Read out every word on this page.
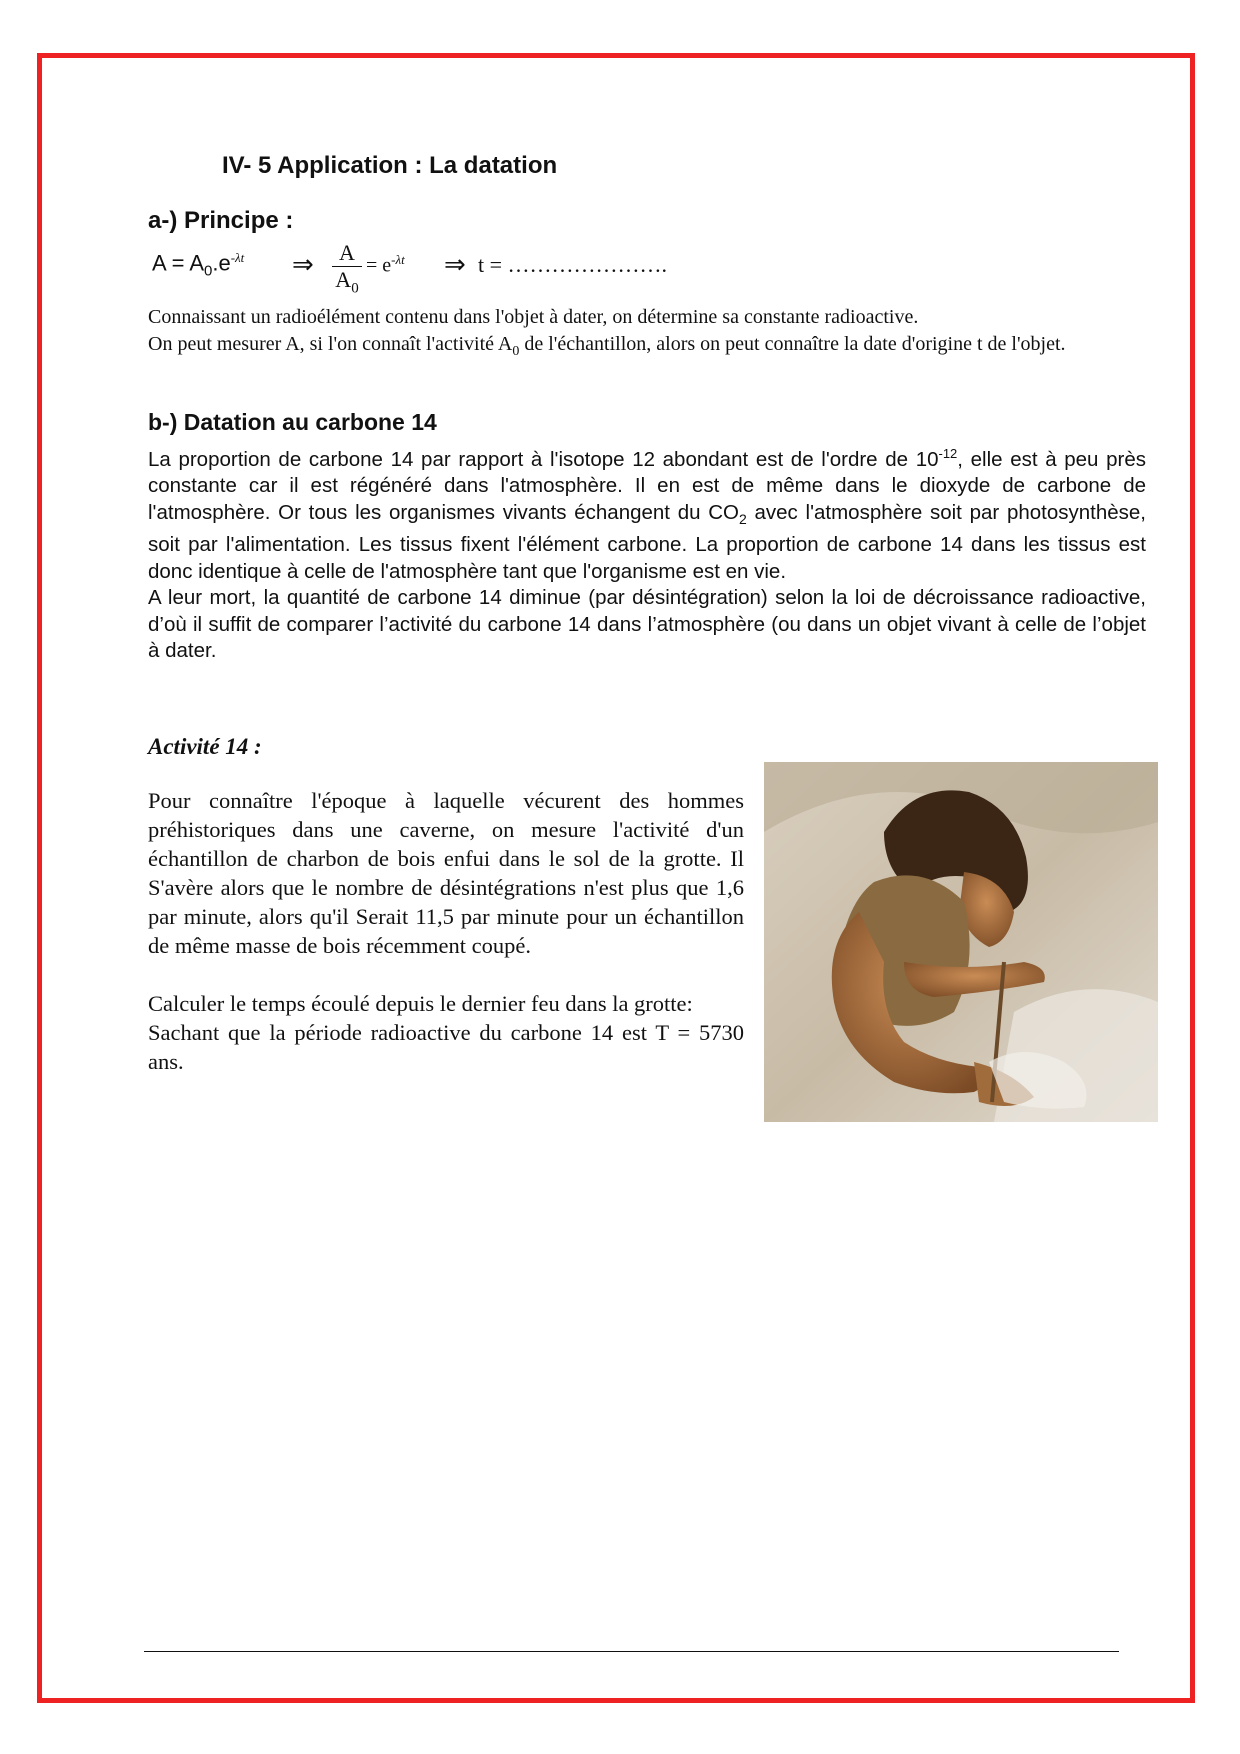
IV- 5 Application : La datation
a-) Principe :
$A = A_0.e^{-\lambda t}$ ⇒	A
$A_0$
= $e^{-\lambda t}$ ⇒ t = ………………….

Connaissant un radioélément contenu dans l'objet à dater, on détermine sa constante radioactive.

On peut mesurer A, si l'on connaît l'activité $A_0$ de l'échantillon, alors on peut connaître la date d'origine t de l'objet.

b-) Datation au carbone 14

La proportion de carbone 14 par rapport à l'isotope 12 abondant est de l'ordre de $10^{-12}$, elle est à peu près constante car il est régénéré dans l'atmosphère. Il en est de même dans le dioxyde de carbone de l'atmosphère. Or tous les organismes vivants échangent du $CO_2$ avec l'atmosphère soit par photosynthèse, soit par l'alimentation. Les tissus fixent l'élément carbone. La proportion de carbone 14 dans les tissus est donc identique à celle de l'atmosphère tant que l'organisme est en vie.

A leur mort, la quantité de carbone 14 diminue (par désintégration) selon la loi de décroissance radioactive, d’où il suffit de comparer l’activité du carbone 14 dans l’atmosphère (ou dans un objet vivant à celle de l’objet à dater.

Activité 14 :

Pour connaître l'époque à laquelle vécurent des hommes préhistoriques dans une caverne, on mesure l'activité d'un échantillon de charbon de bois enfui dans le sol de la grotte. Il S'avère alors que le nombre de désintégrations n'est plus que 1,6 par minute, alors qu'il Serait 11,5 par minute pour un échantillon de même masse de bois récemment coupé.

Calculer le temps écoulé depuis le dernier feu dans la grotte:

Sachant que la période radioactive du carbone 14 est T = 5730 ans.
